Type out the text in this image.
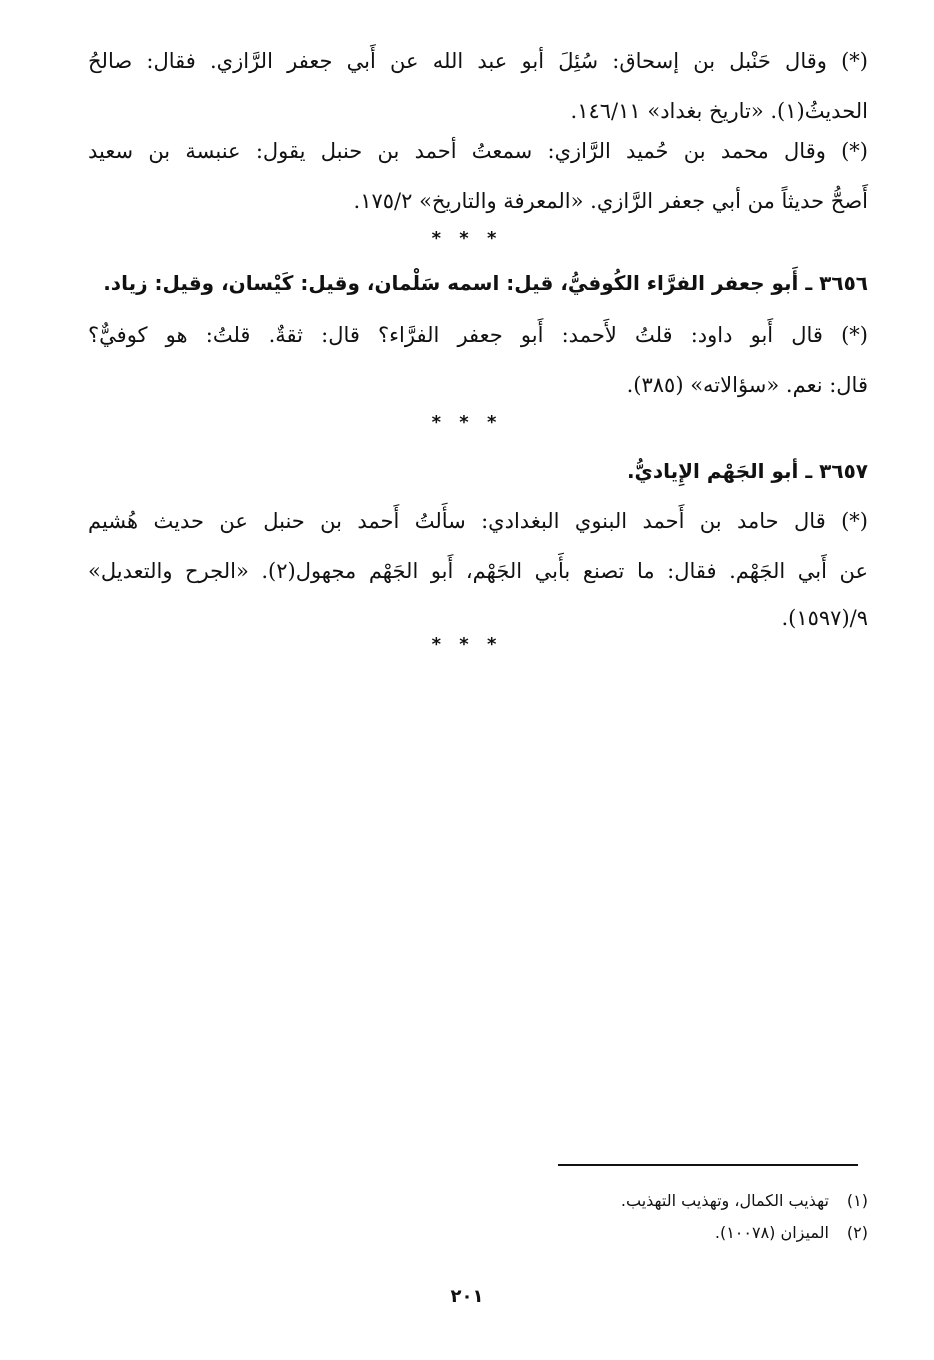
(*) وقال حَنْبل بن إسحاق: سُئِلَ أبو عبد الله عن أَبي جعفر الرَّازي. فقال: صالحُ
الحديثُ(١). «تاريخ بغداد» ١٤٦/١١.
(*) وقال محمد بن حُميد الرَّازي: سمعتُ أحمد بن حنبل يقول: عنبسة بن سعيد
أَصحُّ حديثاً من أبي جعفر الرَّازي. «المعرفة والتاريخ» ١٧٥/٢.
* * *
٣٦٥٦ ـ أَبو جعفر الفرَّاء الكُوفيُّ، قيل: اسمه سَلْمان، وقيل: كَيْسان، وقيل: زياد.
(*) قال أَبو داود: قلتُ لأَحمد: أَبو جعفر الفرَّاء؟ قال: ثقةٌ. قلتُ: هو كوفيٌّ؟
قال: نعم. «سؤالاته» (٣٨٥).
* * *
٣٦٥٧ ـ أبو الجَهْم الإِياديُّ.
(*) قال حامد بن أَحمد البنوي البغدادي: سأَلتُ أَحمد بن حنبل عن حديث هُشيم
عن أَبي الجَهْم. فقال: ما تصنع بأَبي الجَهْم، أَبو الجَهْم مجهول(٢). «الجرح والتعديل»
٩/(١٥٩٧).
* * *
(١) تهذيب الكمال، وتهذيب التهذيب.
(٢) الميزان (١٠٠٧٨).
٢٠١
